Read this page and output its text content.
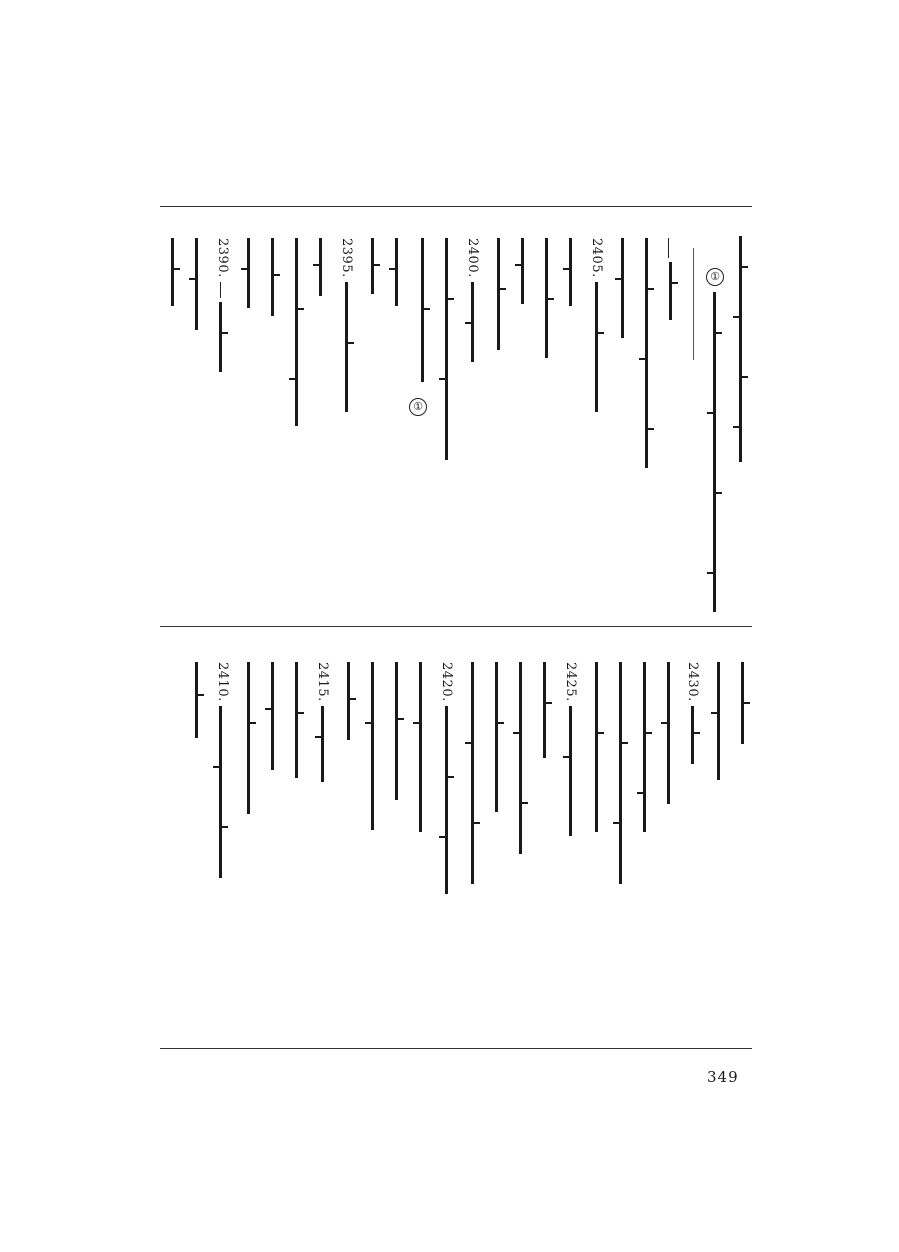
①
2405.
2400.
①
2395.
2390.
2430.
2425.
2420.
2415.
2410.
349
